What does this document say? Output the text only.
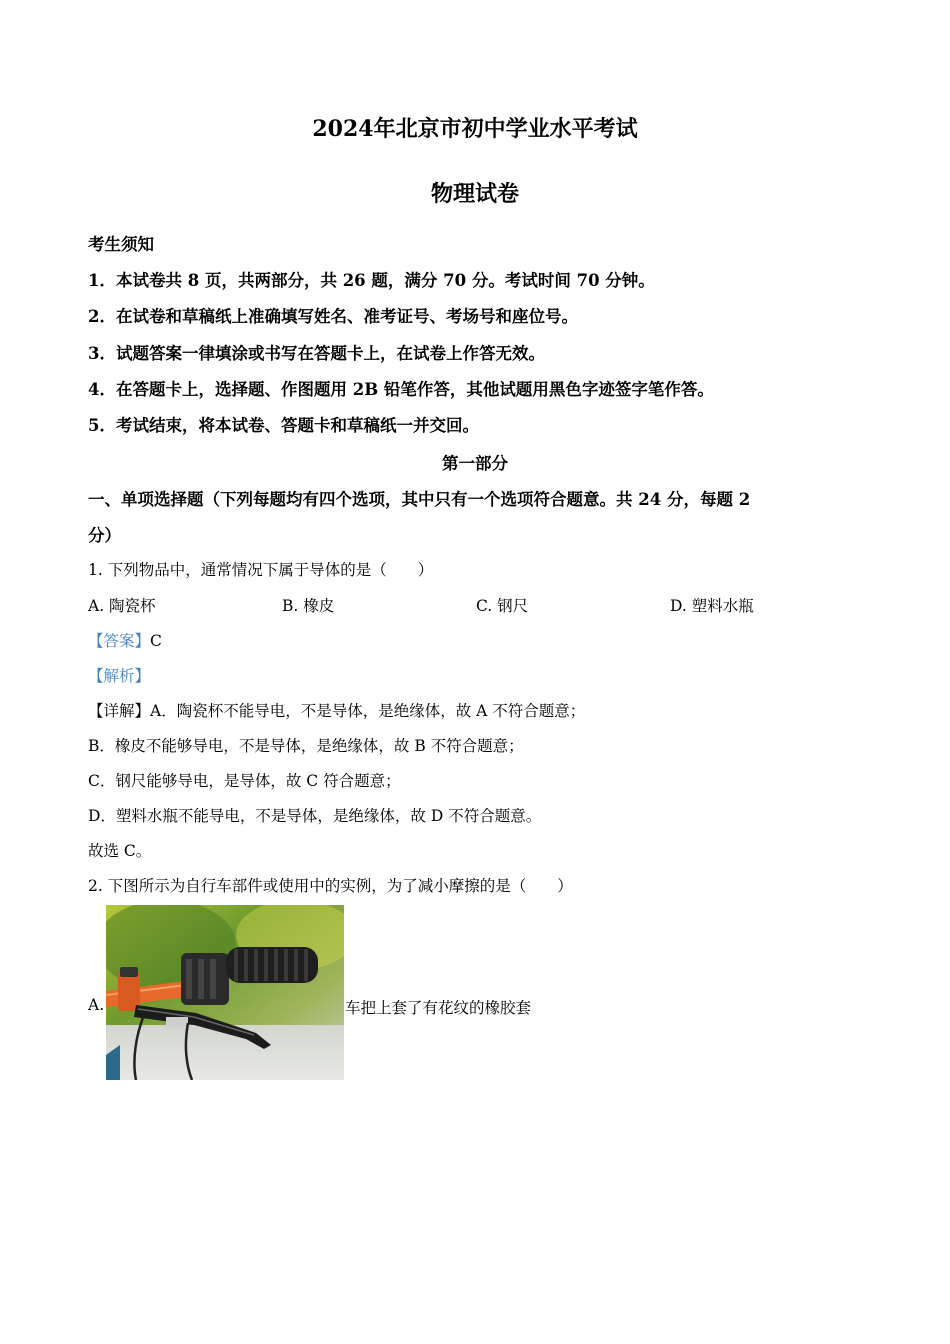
2024年北京市初中学业水平考试
物理试卷
考生须知
1．本试卷共 8 页，共两部分，共 26 题，满分 70 分。考试时间 70 分钟。
2．在试卷和草稿纸上准确填写姓名、准考证号、考场号和座位号。
3．试题答案一律填涂或书写在答题卡上，在试卷上作答无效。
4．在答题卡上，选择题、作图题用 2B 铅笔作答，其他试题用黑色字迹签字笔作答。
5．考试结束，将本试卷、答题卡和草稿纸一并交回。
第一部分
一、单项选择题（下列每题均有四个选项，其中只有一个选项符合题意。共 24 分，每题 2
分）
1. 下列物品中，通常情况下属于导体的是（　　）
A. 陶瓷杯	B. 橡皮	C. 钢尺	D. 塑料水瓶
【答案】C
【解析】
【详解】A．陶瓷杯不能导电，不是导体，是绝缘体，故 A 不符合题意；
B．橡皮不能够导电，不是导体，是绝缘体，故 B 不符合题意；
C．钢尺能够导电，是导体，故 C 符合题意；
D．塑料水瓶不能导电，不是导体，是绝缘体，故 D 不符合题意。
故选 C。
2. 下图所示为自行车部件或使用中的实例，为了减小摩擦的是（　　）
A.	车把上套了有花纹的橡胶套
